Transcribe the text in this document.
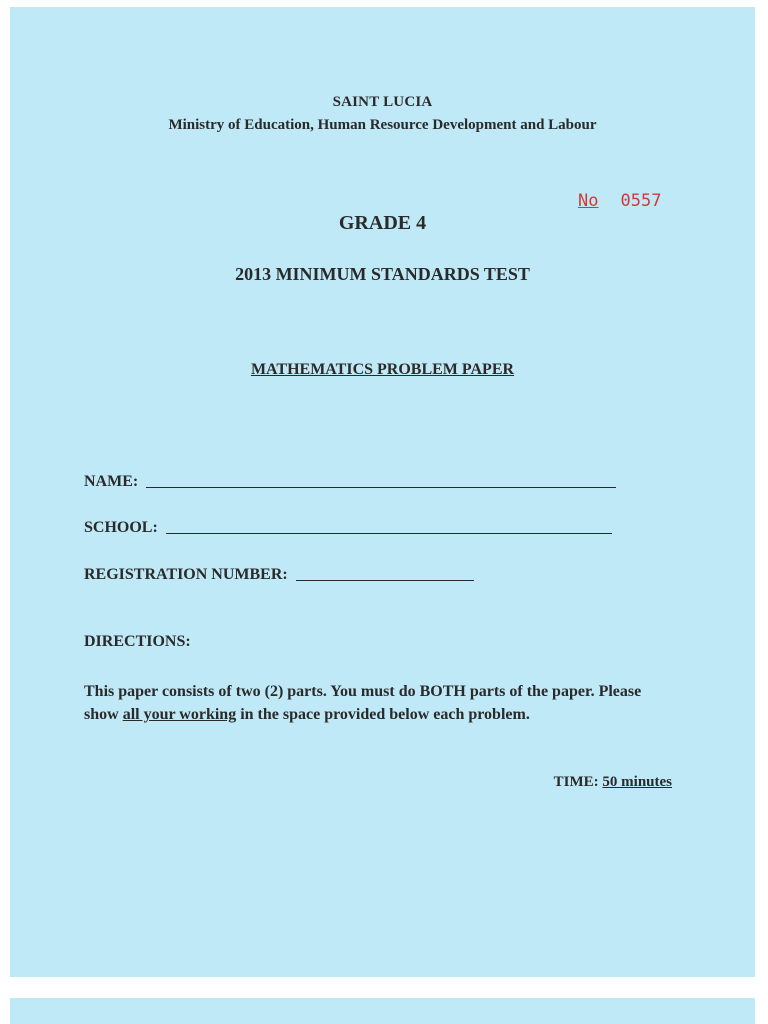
SAINT LUCIA
Ministry of Education, Human Resource Development and Labour
No 0557
GRADE 4
2013 MINIMUM STANDARDS TEST
MATHEMATICS PROBLEM PAPER
NAME:
SCHOOL:
REGISTRATION NUMBER:
DIRECTIONS:
This paper consists of two (2) parts. You must do BOTH parts of the paper. Please show all your working in the space provided below each problem.
TIME: 50 minutes
